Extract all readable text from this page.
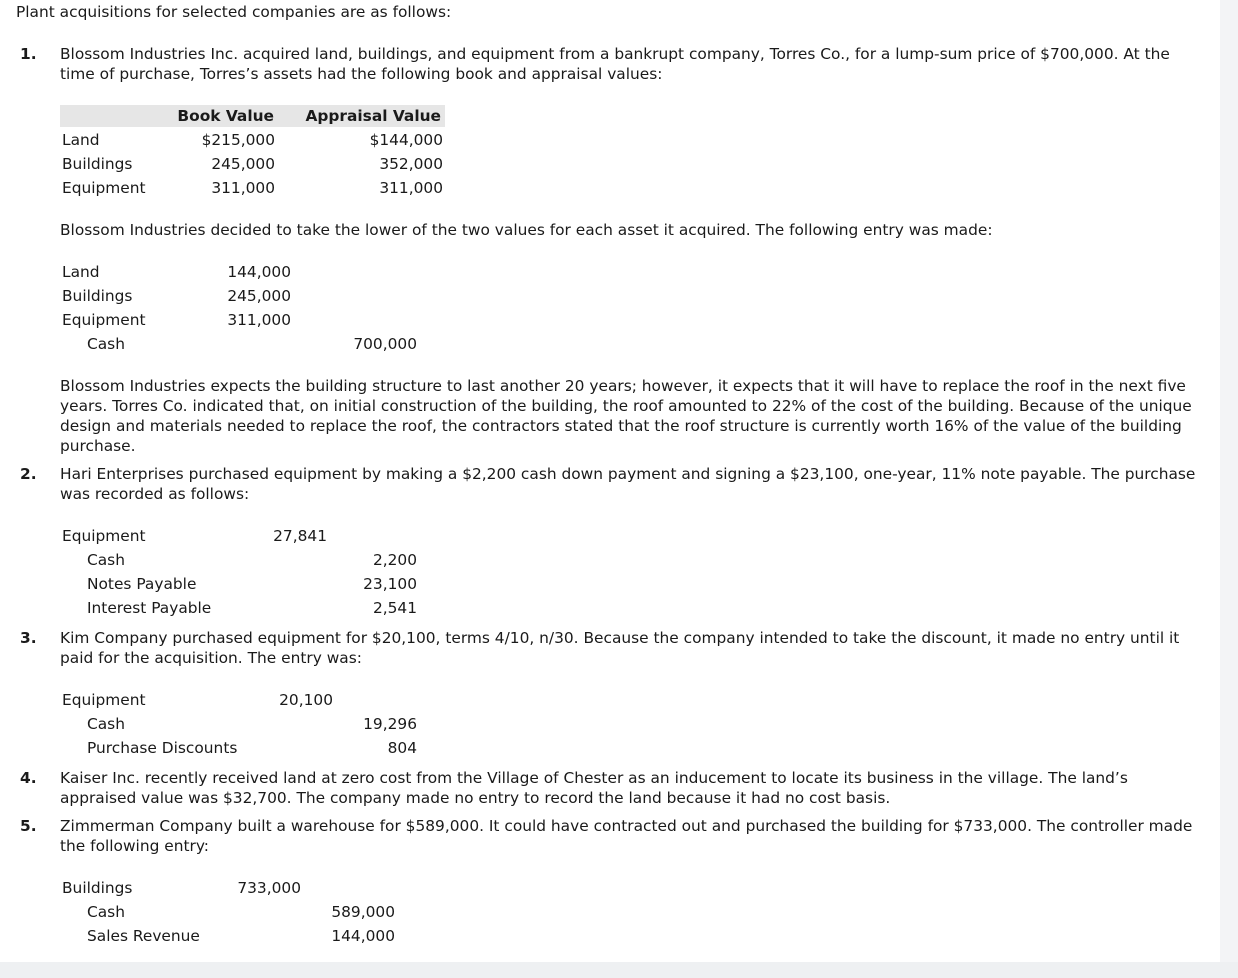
Plant acquisitions for selected companies are as follows:
1. Blossom Industries Inc. acquired land, buildings, and equipment from a bankrupt company, Torres Co., for a lump-sum price of $700,000. At the time of purchase, Torres’s assets had the following book and appraisal values:
Book Value	Appraisal Value
Land	$215,000	$144,000
Buildings	245,000	352,000
Equipment	311,000	311,000
Blossom Industries decided to take the lower of the two values for each asset it acquired. The following entry was made:
Land	144,000
Buildings	245,000
Equipment	311,000
Cash	700,000
Blossom Industries expects the building structure to last another 20 years; however, it expects that it will have to replace the roof in the next five years. Torres Co. indicated that, on initial construction of the building, the roof amounted to 22% of the cost of the building. Because of the unique design and materials needed to replace the roof, the contractors stated that the roof structure is currently worth 16% of the value of the building purchase.
2. Hari Enterprises purchased equipment by making a $2,200 cash down payment and signing a $23,100, one-year, 11% note payable. The purchase was recorded as follows:
Equipment	27,841
Cash	2,200
Notes Payable	23,100
Interest Payable	2,541
3. Kim Company purchased equipment for $20,100, terms 4/10, n/30. Because the company intended to take the discount, it made no entry until it paid for the acquisition. The entry was:
Equipment	20,100
Cash	19,296
Purchase Discounts	804
4. Kaiser Inc. recently received land at zero cost from the Village of Chester as an inducement to locate its business in the village. The land’s appraised value was $32,700. The company made no entry to record the land because it had no cost basis.
5. Zimmerman Company built a warehouse for $589,000. It could have contracted out and purchased the building for $733,000. The controller made the following entry:
Buildings	733,000
Cash	589,000
Sales Revenue	144,000
